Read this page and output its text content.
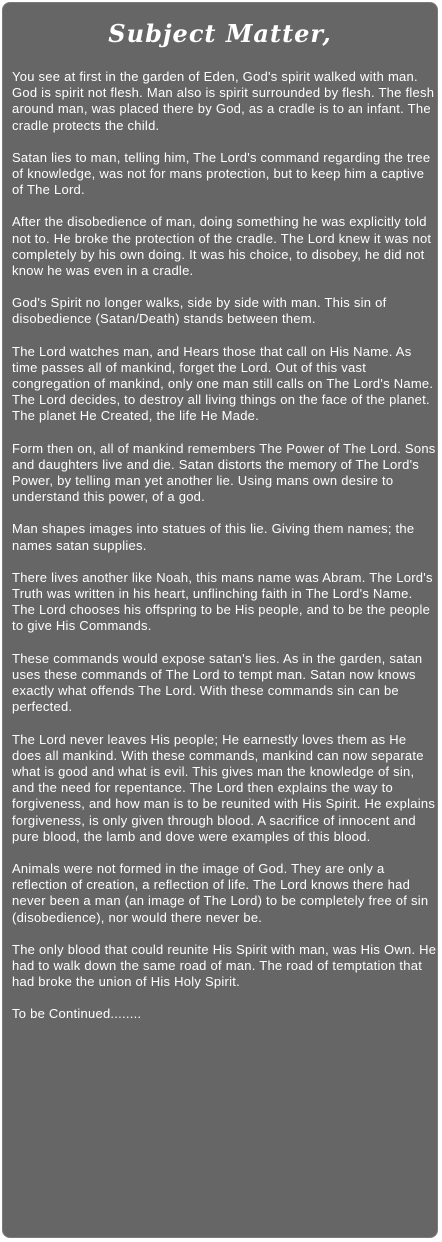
Subject Matter,

You see at first in the garden of Eden, God's spirit walked with man. God is spirit not flesh. Man also is spirit surrounded by flesh. The flesh around man, was placed there by God, as a cradle is to an infant. The cradle protects the child.

Satan lies to man, telling him, The Lord's command regarding the tree of knowledge, was not for mans protection, but to keep him a captive of The Lord.

After the disobedience of man, doing something he was explicitly told not to. He broke the protection of the cradle. The Lord knew it was not completely by his own doing. It was his choice, to disobey, he did not know he was even in a cradle.

God's Spirit no longer walks, side by side with man. This sin of disobedience (Satan/Death) stands between them.

The Lord watches man, and Hears those that call on His Name. As time passes all of mankind, forget the Lord. Out of this vast congregation of mankind, only one man still calls on The Lord's Name. The Lord decides, to destroy all living things on the face of the planet. The planet He Created, the life He Made.

Form then on, all of mankind remembers The Power of The Lord. Sons and daughters live and die. Satan distorts the memory of The Lord's Power, by telling man yet another lie. Using mans own desire to understand this power, of a god.

Man shapes images into statues of this lie. Giving them names; the names satan supplies.

There lives another like Noah, this mans name was Abram. The Lord's Truth was written in his heart, unflinching faith in The Lord's Name. The Lord chooses his offspring to be His people, and to be the people to give His Commands.

These commands would expose satan's lies. As in the garden, satan uses these commands of The Lord to tempt man. Satan now knows exactly what offends The Lord. With these commands sin can be perfected.

The Lord never leaves His people; He earnestly loves them as He does all mankind. With these commands, mankind can now separate what is good and what is evil. This gives man the knowledge of sin, and the need for repentance. The Lord then explains the way to forgiveness, and how man is to be reunited with His Spirit. He explains forgiveness, is only given through blood. A sacrifice of innocent and pure blood, the lamb and dove were examples of this blood.

Animals were not formed in the image of God. They are only a reflection of creation, a reflection of life. The Lord knows there had never been a man (an image of The Lord) to be completely free of sin (disobedience), nor would there never be.

The only blood that could reunite His Spirit with man, was His Own. He had to walk down the same road of man. The road of temptation that had broke the union of His Holy Spirit.

To be Continued........
